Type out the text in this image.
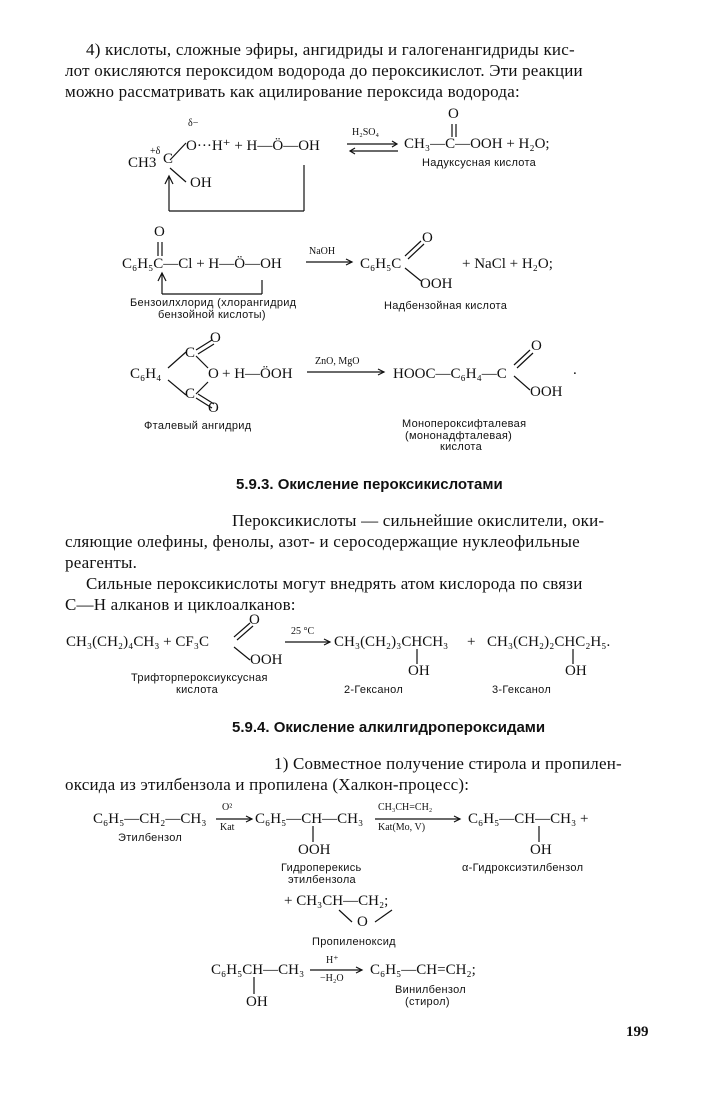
4) кислоты, сложные эфиры, ангидриды и галогенангидриды кис-
лот окисляются пероксидом водорода до пероксикислот. Эти реакции
можно рассматривать как ацилирование пероксида водорода:
δ−
+δ
CH3 C
O···H⁺ + H—Ö—OH
OH
H₂SO₄
O
CH₃—C—OOH + H₂O;
Надуксусная кислота
O
C₆H₅C—Cl + H—Ö—OH
NaOH
C₆H₅C
O
OOH
+ NaCl + H₂O;
Бензоилхлорид (хлорангидрид
бензойной кислоты)
Надбензойная кислота
C₆H₄
C
O
O
C
O
+ H—ÖOH
ZnO, MgO
HOOC—C₆H₄—C
O
OOH
.
Фталевый ангидрид	Монопероксифталевая
(мононадфталевая)
кислота
5.9.3. Окисление пероксикислотами
Пероксикислоты — сильнейшие окислители, оки-
сляющие олефины, фенолы, азот- и серосодержащие нуклеофильные
реагенты.
Сильные пероксикислоты могут внедрять атом кислорода по связи
C—H алканов и циклоалканов:
CH₃(CH₂)₄CH₃ + CF₃C
O
OOH
25 °C
CH₃(CH₂)₃CHCH₃ + CH₃(CH₂)₂CHC₂H₅.
OH	OH
Трифторпероксиуксусная
кислота	2-Гексанол	3-Гексанол
5.9.4. Окисление алкилгидропероксидами
1) Совместное получение стирола и пропилен-
оксида из этилбензола и пропилена (Халкон-процесс):
C₆H₅—CH₂—CH₃
O²
Kat
C₆H₅—CH—CH₃
CH₃CH=CH₂
Kat(Mo, V)
C₆H₅—CH—CH₃ +
OOH	OH
Этилбензол
Гидроперекись
этилбензола
α-Гидроксиэтилбензол
+ CH₃CH—CH₂;
O
Пропиленоксид
C₆H₅CH—CH₃
H⁺
−H₂O
C₆H₅—CH=CH₂;
OH
Винилбензол
(стирол)
199
